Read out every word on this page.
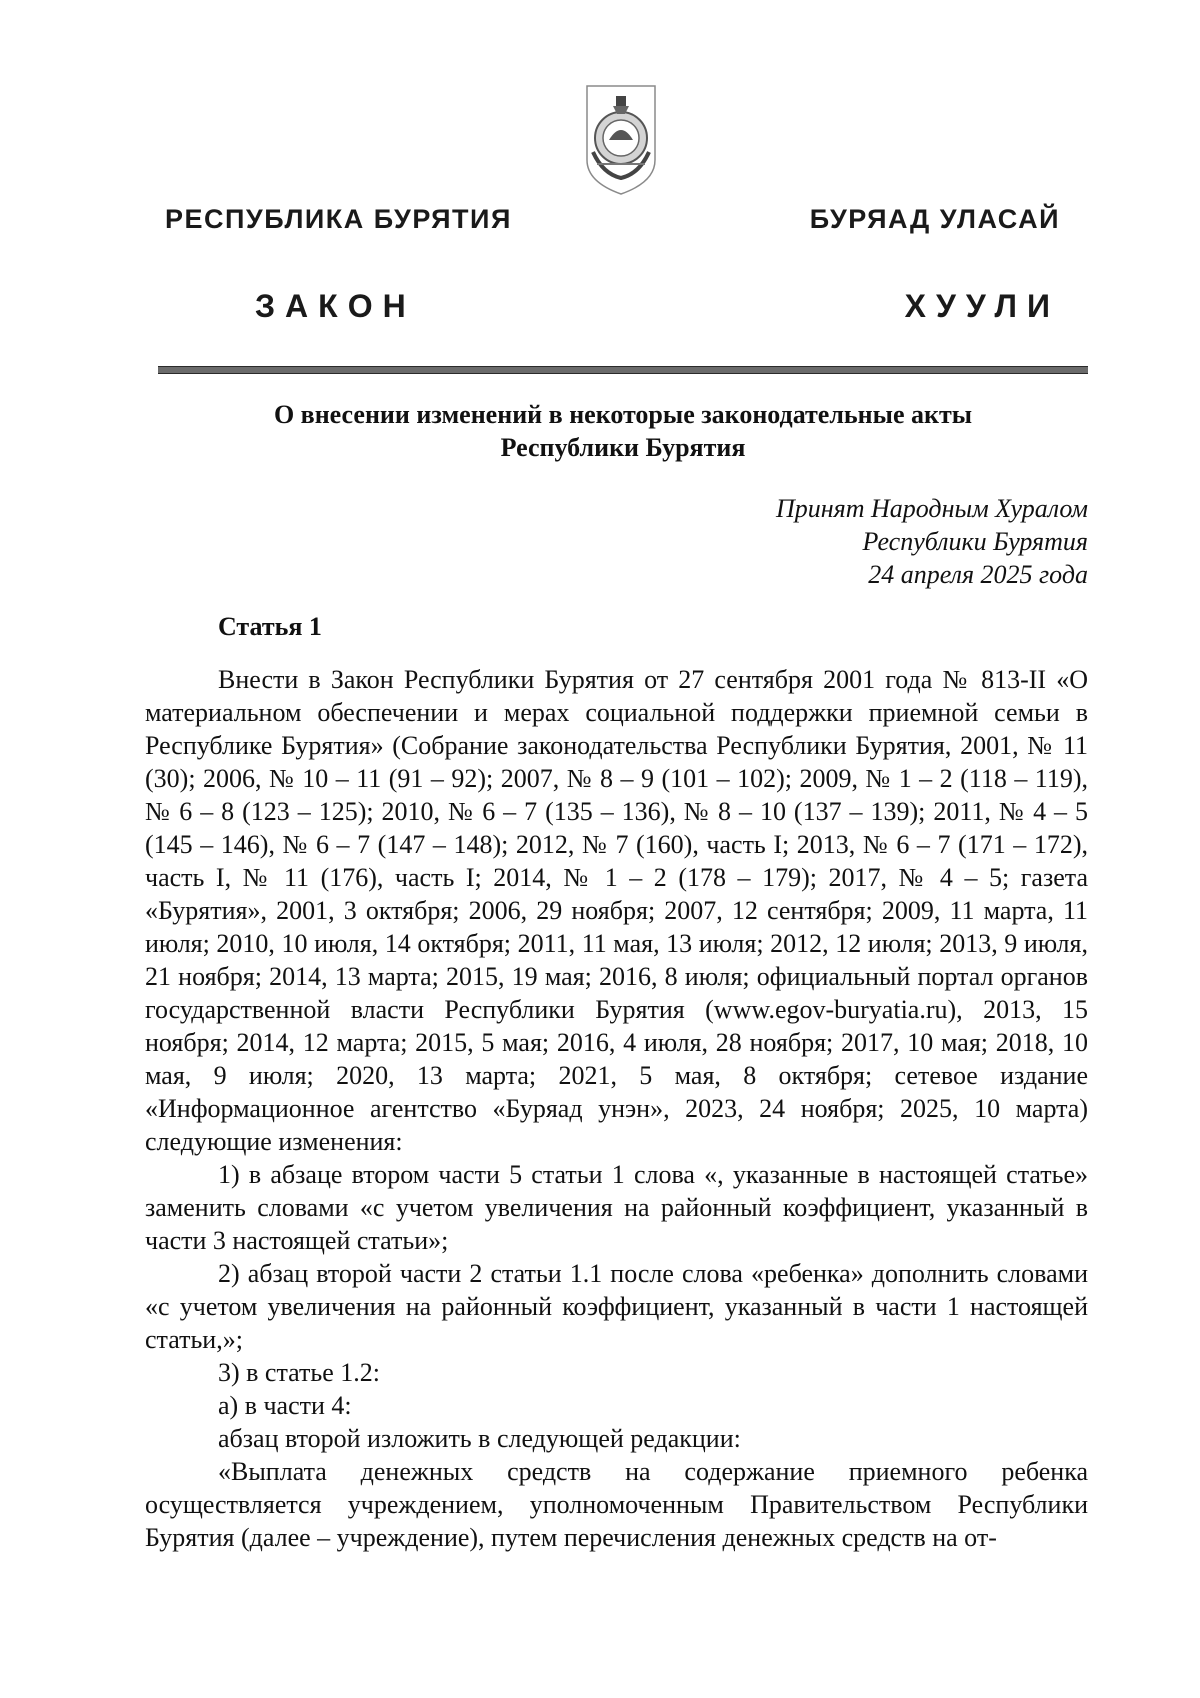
РЕСПУБЛИКА БУРЯТИЯ	БУРЯАД УЛАСАЙ
ЗАКОН	ХУУЛИ
О внесении изменений в некоторые законодательные акты
Республики Бурятия
Принят Народным Хуралом
Республики Бурятия
24 апреля 2025 года
Статья 1

Внести в Закон Республики Бурятия от 27 сентября 2001 года № 813-II «О материальном обеспечении и мерах социальной поддержки приемной семьи в Республике Бурятия» (Собрание законодательства Республики Бурятия, 2001, № 11 (30); 2006, № 10 – 11 (91 – 92); 2007, № 8 – 9 (101 – 102); 2009, № 1 – 2 (118 – 119), № 6 – 8 (123 – 125); 2010, № 6 – 7 (135 – 136), № 8 – 10 (137 – 139); 2011, № 4 – 5 (145 – 146), № 6 – 7 (147 – 148); 2012, № 7 (160), часть I; 2013, № 6 – 7 (171 – 172), часть I, № 11 (176), часть I; 2014, № 1 – 2 (178 – 179); 2017, № 4 – 5; газета «Бурятия», 2001, 3 октября; 2006, 29 ноября; 2007, 12 сентября; 2009, 11 марта, 11 июля; 2010, 10 июля, 14 октября; 2011, 11 мая, 13 июля; 2012, 12 июля; 2013, 9 июля, 21 ноября; 2014, 13 марта; 2015, 19 мая; 2016, 8 июля; официальный портал органов государственной власти Республики Бурятия (www.egov-buryatia.ru), 2013, 15 ноября; 2014, 12 марта; 2015, 5 мая; 2016, 4 июля, 28 ноября; 2017, 10 мая; 2018, 10 мая, 9 июля; 2020, 13 марта; 2021, 5 мая, 8 октября; сетевое издание «Информационное агентство «Буряад унэн», 2023, 24 ноября; 2025, 10 марта) следующие изменения:

1) в абзаце втором части 5 статьи 1 слова «, указанные в настоящей статье» заменить словами «с учетом увеличения на районный коэффициент, указанный в части 3 настоящей статьи»;

2) абзац второй части 2 статьи 1.1 после слова «ребенка» дополнить словами «с учетом увеличения на районный коэффициент, указанный в части 1 настоящей статьи,»;

3) в статье 1.2:

а) в части 4:

абзац второй изложить в следующей редакции:

«Выплата денежных средств на содержание приемного ребенка осуществляется учреждением, уполномоченным Правительством Республики Бурятия (далее – учреждение), путем перечисления денежных средств на от-
